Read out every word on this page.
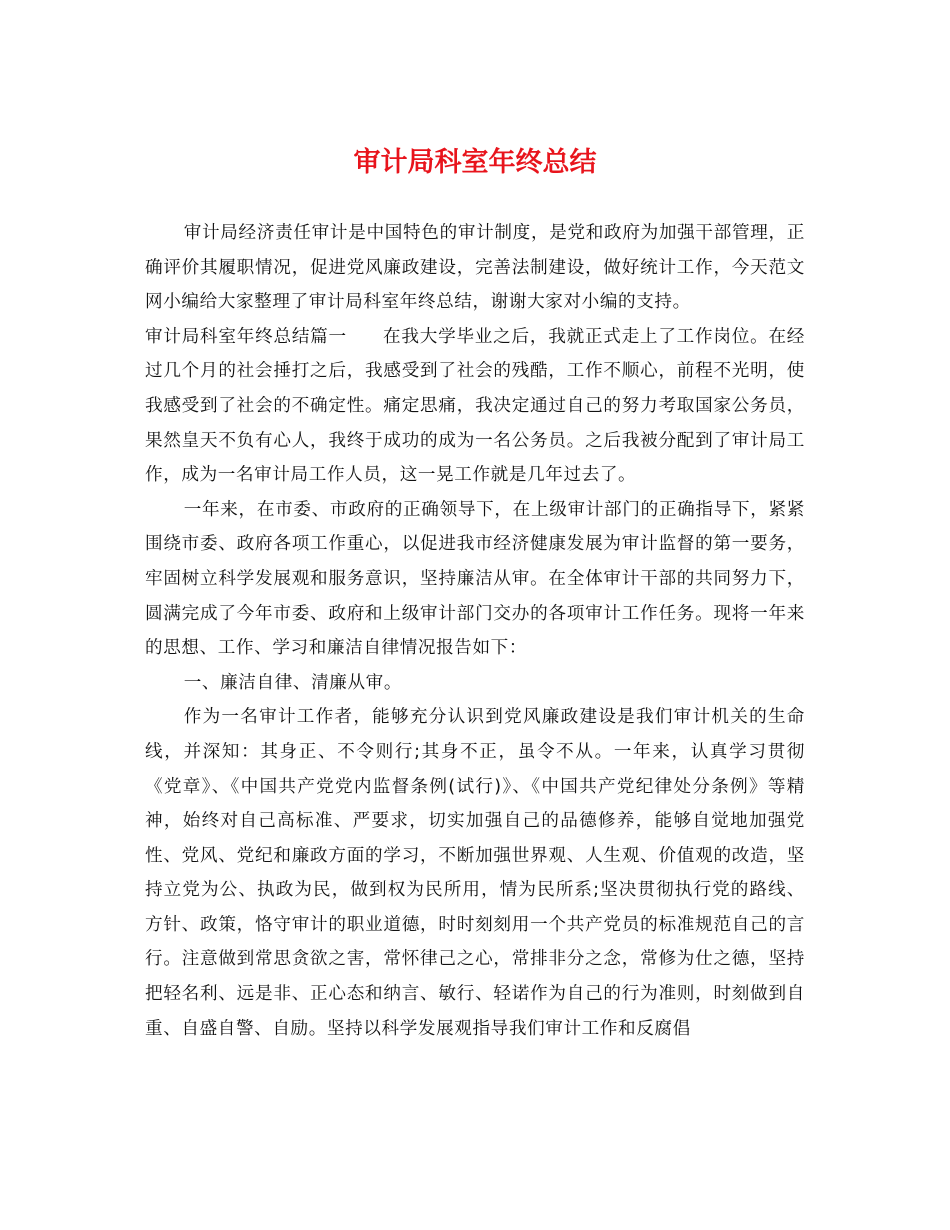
审计局科室年终总结

审计局经济责任审计是中国特色的审计制度，是党和政府为加强干部管理，正确评价其履职情况，促进党风廉政建设，完善法制建设，做好统计工作，今天范文网小编给大家整理了审计局科室年终总结，谢谢大家对小编的支持。

审计局科室年终总结篇一 在我大学毕业之后，我就正式走上了工作岗位。在经过几个月的社会捶打之后，我感受到了社会的残酷，工作不顺心，前程不光明，使我感受到了社会的不确定性。痛定思痛，我决定通过自己的努力考取国家公务员，果然皇天不负有心人，我终于成功的成为一名公务员。之后我被分配到了审计局工作，成为一名审计局工作人员，这一晃工作就是几年过去了。

一年来，在市委、市政府的正确领导下，在上级审计部门的正确指导下，紧紧围绕市委、政府各项工作重心，以促进我市经济健康发展为审计监督的第一要务，牢固树立科学发展观和服务意识，坚持廉洁从审。在全体审计干部的共同努力下，圆满完成了今年市委、政府和上级审计部门交办的各项审计工作任务。现将一年来的思想、工作、学习和廉洁自律情况报告如下：

一、廉洁自律、清廉从审。

作为一名审计工作者，能够充分认识到党风廉政建设是我们审计机关的生命线，并深知：其身正、不令则行;其身不正，虽令不从。一年来，认真学习贯彻《党章》、《中国共产党党内监督条例(试行)》、《中国共产党纪律处分条例》等精神，始终对自己高标准、严要求，切实加强自己的品德修养，能够自觉地加强党性、党风、党纪和廉政方面的学习，不断加强世界观、人生观、价值观的改造，坚持立党为公、执政为民，做到权为民所用，情为民所系;坚决贯彻执行党的路线、方针、政策，恪守审计的职业道德，时时刻刻用一个共产党员的标准规范自己的言行。注意做到常思贪欲之害，常怀律己之心，常排非分之念，常修为仕之德，坚持把轻名利、远是非、正心态和纳言、敏行、轻诺作为自己的行为准则，时刻做到自重、自盛自警、自励。坚持以科学发展观指导我们审计工作和反腐倡
